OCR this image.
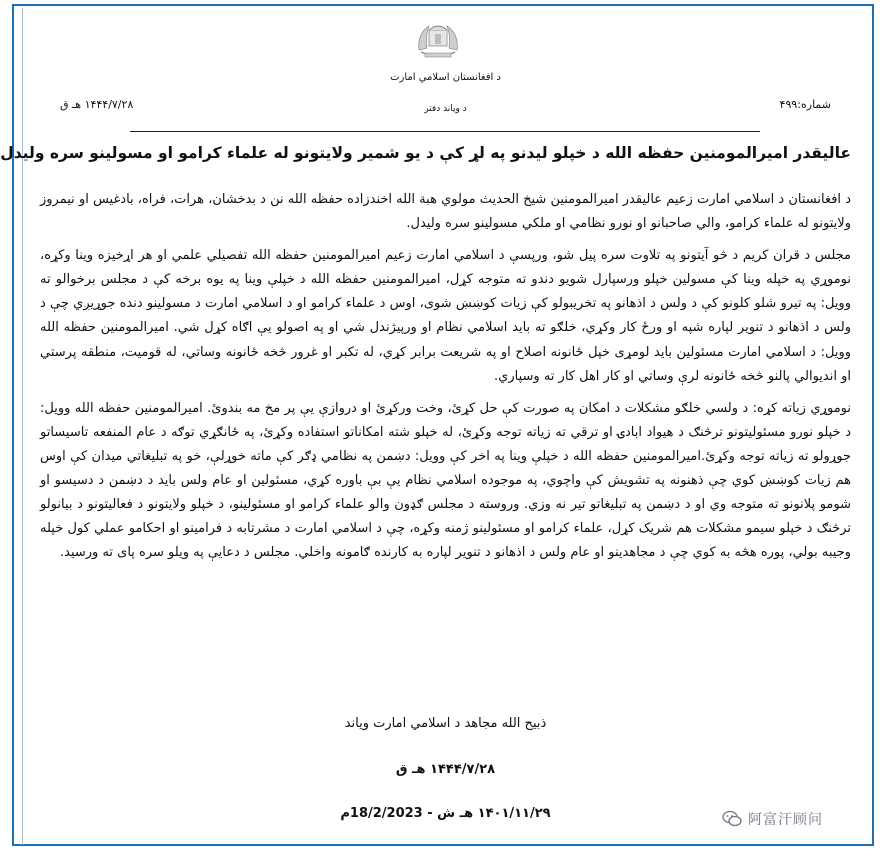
د افغانستان اسلامي امارت
شماره:۴۹۹
د ویاند دفتر
۱۴۴۴/۷/۲۸ هـ ق
عالیقدر امیرالمومنین حفظه الله د خپلو لیدنو په لړ کې د یو شمیر ولایتونو له علماء کرامو او مسولینو سره ولیدل

د افغانستان د اسلامي امارت زعیم عالیقدر امیرالمومنین شیخ الحدیث مولوي هبة الله اخندزاده حفظه الله نن د بدخشان، هرات، فراه، بادغیس او نیمروز ولایتونو له علماء کرامو، والي صاحبانو او نورو نظامي او ملکي مسولینو سره ولیدل.

مجلس د قران کریم د څو آیتونو په تلاوت سره پیل شو، ورپسې د اسلامي امارت زعیم امیرالمومنین حفظه الله تفصیلي علمي او هر اړخیزه وینا وکړه، نوموړي په خپله وینا کې مسولین خپلو ورسپارل شویو دندو ته متوجه کړل، امیرالمومنین حفظه الله د خپلې وینا په یوه برخه کې د مجلس برخوالو ته وویل: په تیرو شلو کلونو کې د ولس د اذهانو په تخریبولو کې زیات کوښښ شوی، اوس د علماء کرامو او د اسلامي امارت د مسولینو دنده جوړیږي چې د ولس د اذهانو د تنویر لپاره شپه او ورځ کار وکړي، خلګو ته باید اسلامي نظام او ورپیژندل شي او په اصولو یې اګاه کړل شي. امیرالمومنین حفظه الله وویل: د اسلامي امارت مسئولین باید لومړی خپل ځانونه اصلاح او په شریعت برابر کړي، له تکبر او غرور څخه ځانونه وساتي، له قومیت، منطقه پرستي او اندیوالي پالنو څخه ځانونه لرې وساتي او کار اهل کار ته وسپاري.

نوموړي زیاته کړه: د ولسي خلګو مشکلات د امکان په صورت کې حل کړئ، وخت ورکړئ او دروازې یې پر مخ مه بندوئ. امیرالمومنین حفظه الله وویل: د خپلو نورو مسئولیتونو ترڅنګ د هیواد ابادۍ او ترقي ته زیاته توجه وکړئ، له خپلو شته امکاناتو استفاده وکړئ، په ځانګړي توګه د عام المنفعه تاسیساتو جوړولو ته زیاته توجه وکړئ.امیرالمومنین حفظه الله د خپلې وینا په اخر کې وویل: دښمن په نظامي ډګر کې ماته خوړلې، خو په تبلیغاتي میدان کې اوس هم زیات کوښښ کوي چې ذهنونه په تشویش کې واچوي، په موجوده اسلامي نظام یې بې باوره کړي، مسئولین او عام ولس باید د دښمن د دسیسو او شومو پلانونو ته متوجه وي او د دښمن په تبلیغاتو تیر نه وزي. وروسته د مجلس ګډون والو علماء کرامو او مسئولینو، د خپلو ولایتونو د فعالیتونو د بیانولو ترڅنګ د خپلو سیمو مشکلات هم شریک کړل، علماء کرامو او مسئولینو ژمنه وکړه، چې د اسلامي امارت د مشرتابه د فرامینو او احکامو عملي کول خپله وجیبه بولي، پوره هڅه به کوي چې د مجاهدینو او عام ولس د اذهانو د تنویر لپاره به کارنده ګامونه واخلي. مجلس د دعایې په ویلو سره پای ته ورسید.

ذبیح الله مجاهد د اسلامي امارت ویاند
۱۴۴۴/۷/۲۸ هـ ق
۱۴۰۱/۱۱/۲۹ هـ ش - 18/2/2023م	阿富汗顾问
